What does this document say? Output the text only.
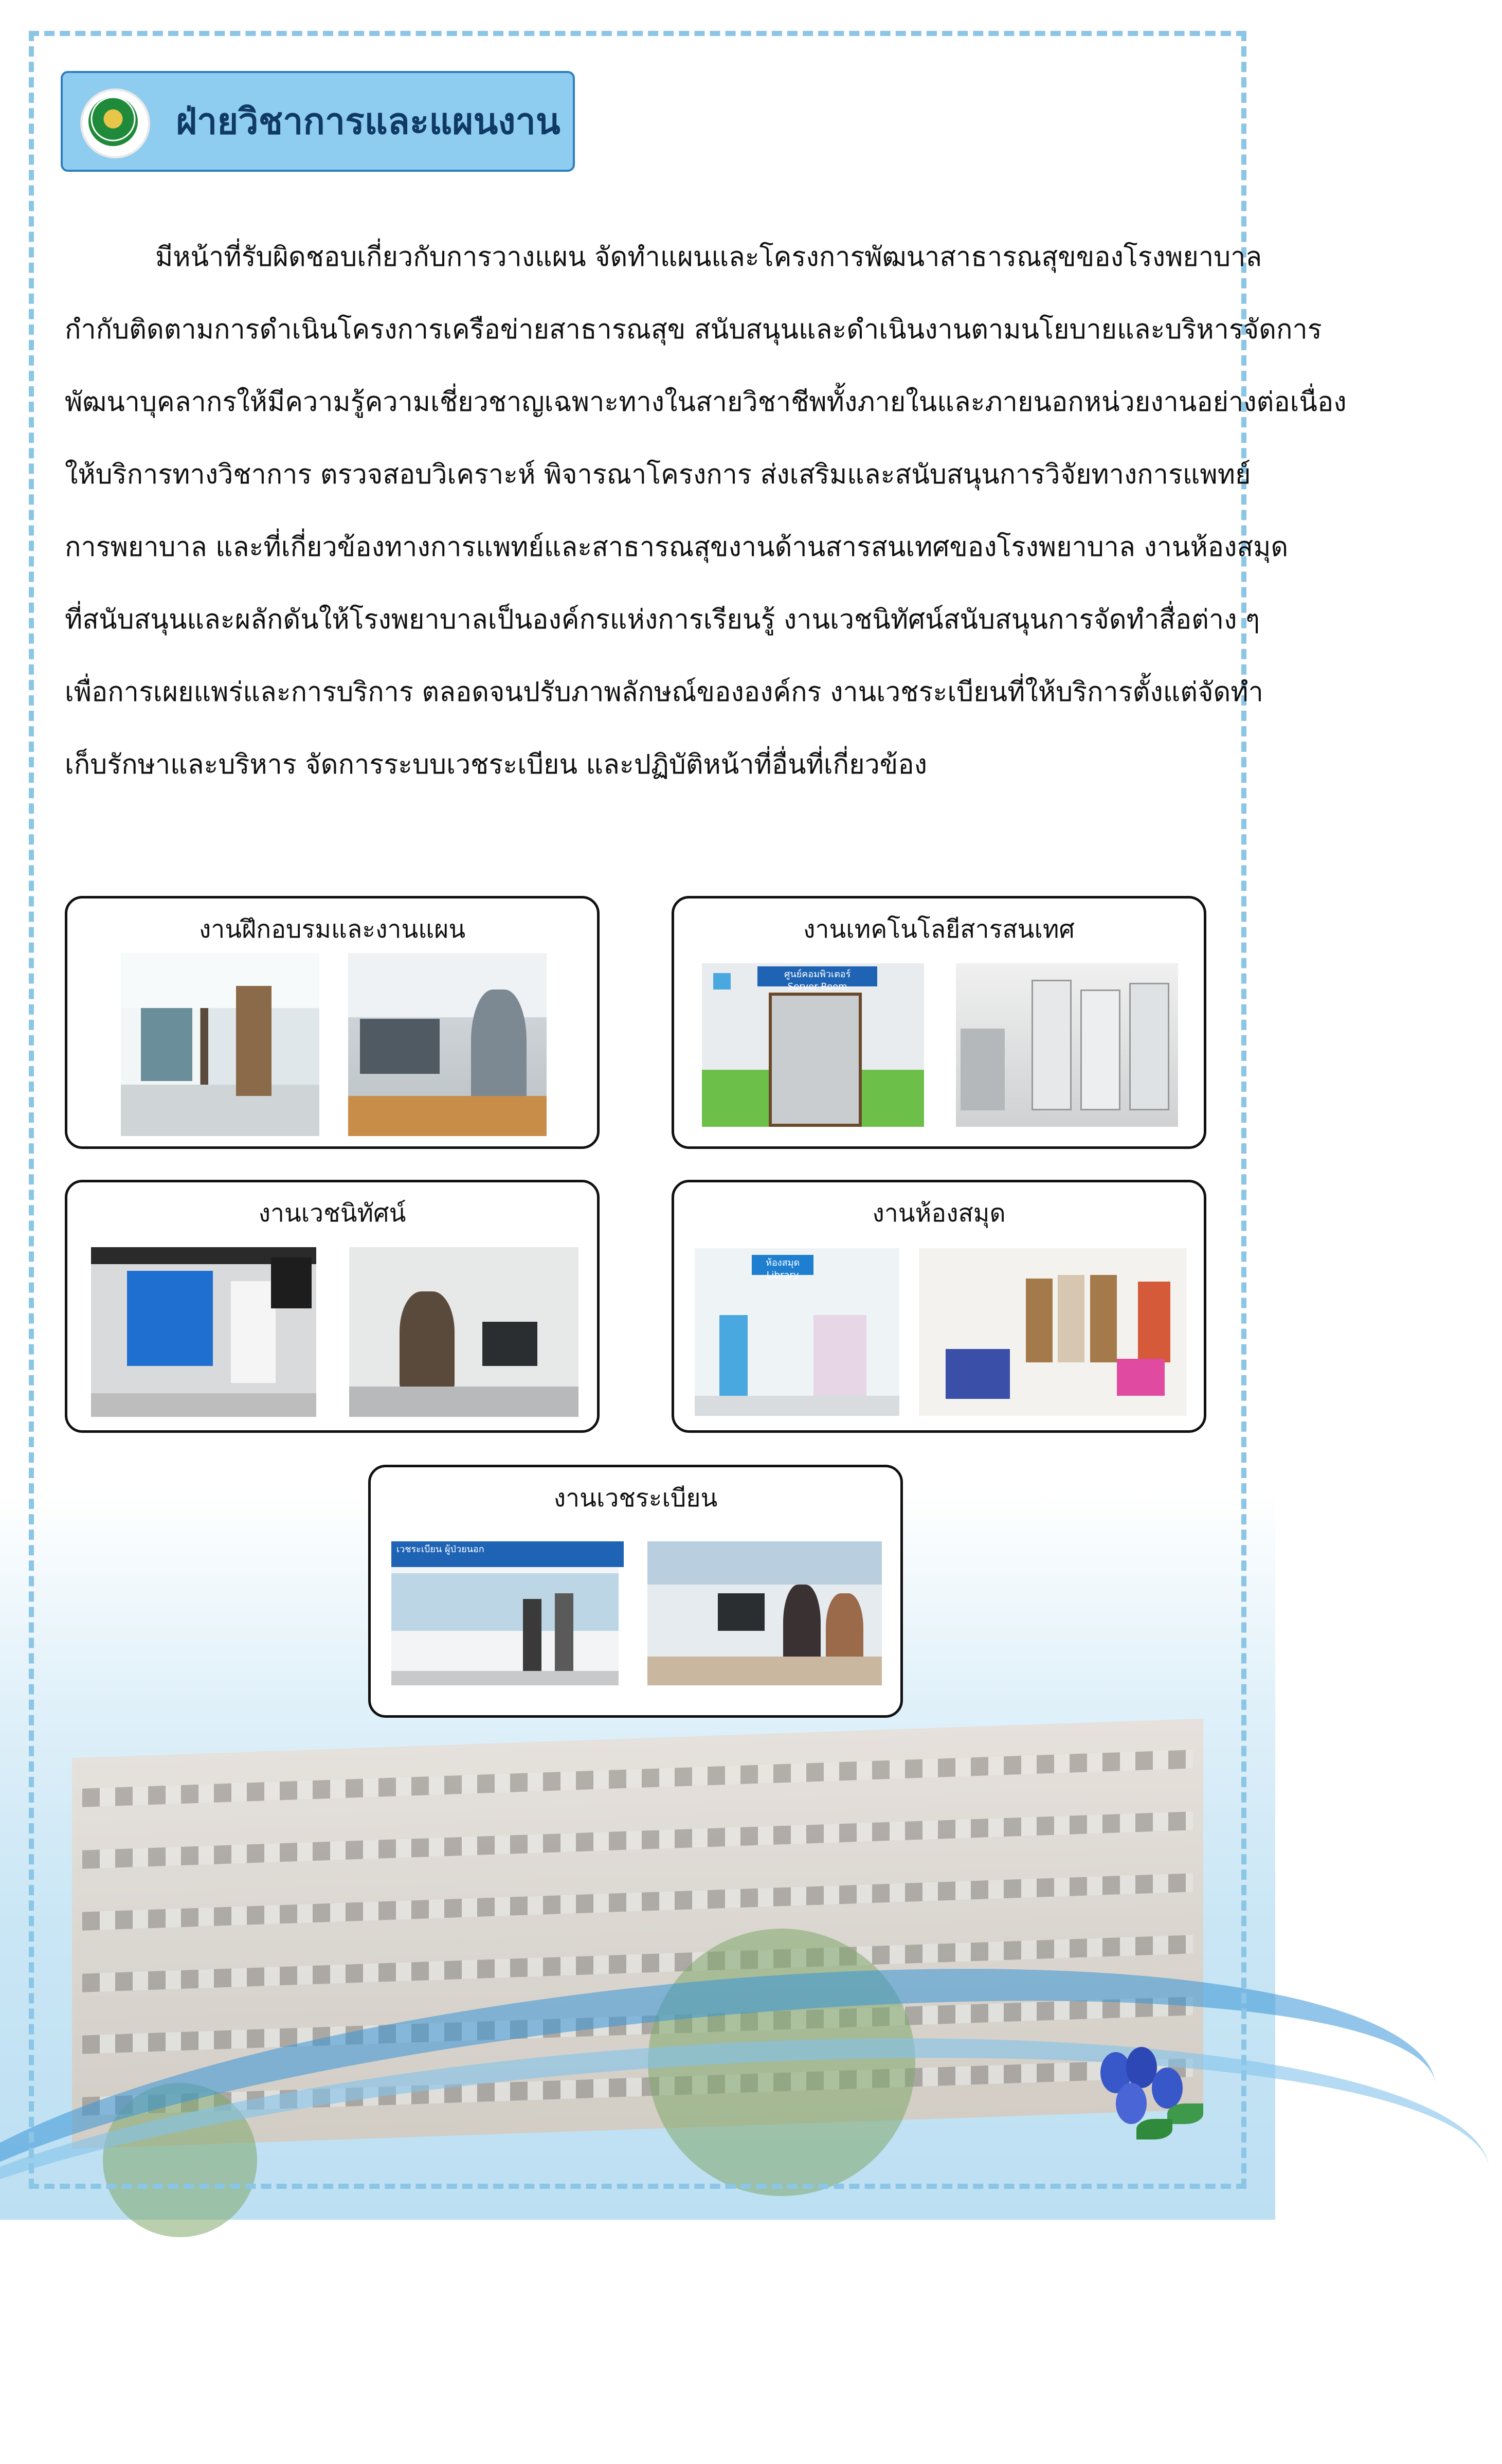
ฝ่ายวิชาการและแผนงาน
มีหน้าที่รับผิดชอบเกี่ยวกับการวางแผน จัดทำแผนและโครงการพัฒนาสาธารณสุขของโรงพยาบาล
กำกับติดตามการดำเนินโครงการเครือข่ายสาธารณสุข สนับสนุนและดำเนินงานตามนโยบายและบริหารจัดการ
พัฒนาบุคลากรให้มีความรู้ความเชี่ยวชาญเฉพาะทางในสายวิชาชีพทั้งภายในและภายนอกหน่วยงานอย่างต่อเนื่อง
ให้บริการทางวิชาการ ตรวจสอบวิเคราะห์ พิจารณาโครงการ ส่งเสริมและสนับสนุนการวิจัยทางการแพทย์
การพยาบาล และที่เกี่ยวข้องทางการแพทย์และสาธารณสุขงานด้านสารสนเทศของโรงพยาบาล งานห้องสมุด
ที่สนับสนุนและผลักดันให้โรงพยาบาลเป็นองค์กรแห่งการเรียนรู้ งานเวชนิทัศน์สนับสนุนการจัดทำสื่อต่าง ๆ
เพื่อการเผยแพร่และการบริการ ตลอดจนปรับภาพลักษณ์ขององค์กร งานเวชระเบียนที่ให้บริการตั้งแต่จัดทำ
เก็บรักษาและบริหาร จัดการระบบเวชระเบียน และปฏิบัติหน้าที่อื่นที่เกี่ยวข้อง
งานฝึกอบรมและงานแผน	งานเทคโนโลยีสารสนเทศ
ศูนย์คอมพิวเตอร์
Server Room
งานเวชนิทัศน์	งานห้องสมุด
ห้องสมุด
Library
งานเวชระเบียน
เวชระเบียน ผู้ป่วยนอก
